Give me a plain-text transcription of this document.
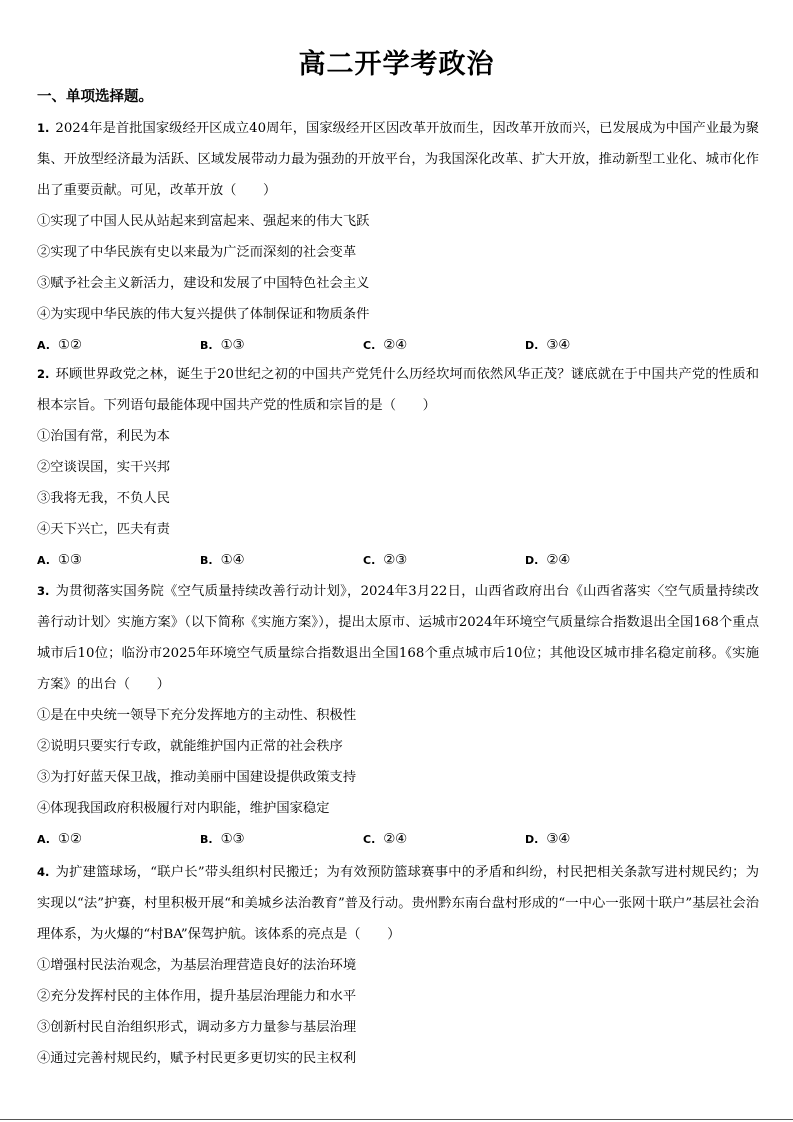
高二开学考政治
一、单项选择题。
1. 2024年是首批国家级经开区成立40周年，国家级经开区因改革开放而生，因改革开放而兴，已发展成为中国产业最为聚集、开放型经济最为活跃、区域发展带动力最为强劲的开放平台，为我国深化改革、扩大开放，推动新型工业化、城市化作出了重要贡献。可见，改革开放（　　）
①实现了中国人民从站起来到富起来、强起来的伟大飞跃
②实现了中华民族有史以来最为广泛而深刻的社会变革
③赋予社会主义新活力，建设和发展了中国特色社会主义
④为实现中华民族的伟大复兴提供了体制保证和物质条件
A. ①②	B. ①③	C. ②④	D. ③④
2. 环顾世界政党之林，诞生于20世纪之初的中国共产党凭什么历经坎坷而依然风华正茂？谜底就在于中国共产党的性质和根本宗旨。下列语句最能体现中国共产党的性质和宗旨的是（　　）
①治国有常，利民为本
②空谈误国，实干兴邦
③我将无我，不负人民
④天下兴亡，匹夫有责
A. ①③	B. ①④	C. ②③	D. ②④
3. 为贯彻落实国务院《空气质量持续改善行动计划》，2024年3月22日，山西省政府出台《山西省落实〈空气质量持续改善行动计划〉实施方案》（以下简称《实施方案》），提出太原市、运城市2024年环境空气质量综合指数退出全国168个重点城市后10位；临汾市2025年环境空气质量综合指数退出全国168个重点城市后10位；其他设区城市排名稳定前移。《实施方案》的出台（　　）
①是在中央统一领导下充分发挥地方的主动性、积极性
②说明只要实行专政，就能维护国内正常的社会秩序
③为打好蓝天保卫战，推动美丽中国建设提供政策支持
④体现我国政府积极履行对内职能，维护国家稳定
A. ①②	B. ①③	C. ②④	D. ③④
4. 为扩建篮球场，“联户长”带头组织村民搬迁；为有效预防篮球赛事中的矛盾和纠纷，村民把相关条款写进村规民约；为实现以“法”护赛，村里积极开展“和美城乡法治教育”普及行动。贵州黔东南台盘村形成的“一中心一张网十联户”基层社会治理体系，为火爆的“村BA”保驾护航。该体系的亮点是（　　）
①增强村民法治观念，为基层治理营造良好的法治环境
②充分发挥村民的主体作用，提升基层治理能力和水平
③创新村民自治组织形式，调动多方力量参与基层治理
④通过完善村规民约，赋予村民更多更切实的民主权利
